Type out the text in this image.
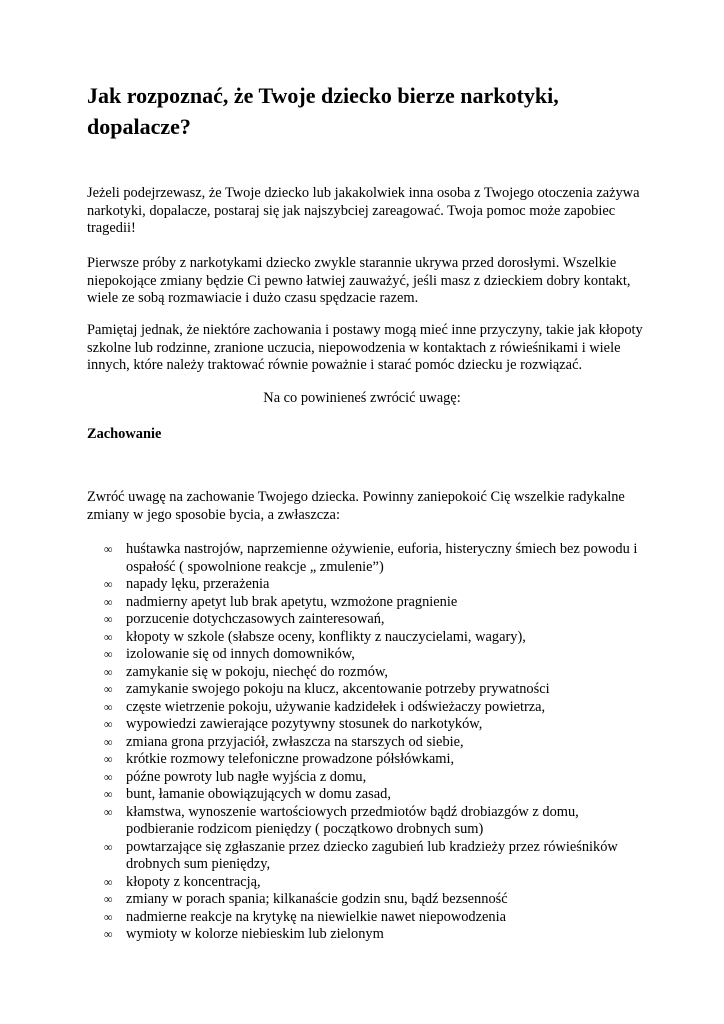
Jak rozpoznać, że Twoje dziecko bierze narkotyki, dopalacze?

Jeżeli podejrzewasz, że Twoje dziecko lub jakakolwiek inna osoba z Twojego otoczenia zażywa narkotyki, dopalacze, postaraj się jak najszybciej zareagować. Twoja pomoc może zapobiec tragedii!

Pierwsze próby z narkotykami dziecko zwykle starannie ukrywa przed dorosłymi. Wszelkie niepokojące zmiany będzie Ci pewno łatwiej zauważyć, jeśli masz z dzieckiem dobry kontakt, wiele ze sobą rozmawiacie i dużo czasu spędzacie razem.

Pamiętaj jednak, że niektóre zachowania i postawy mogą mieć inne przyczyny, takie jak kłopoty szkolne lub rodzinne, zranione uczucia, niepowodzenia w kontaktach z rówieśnikami i wiele innych, które należy traktować równie poważnie i starać pomóc dziecku je rozwiązać.

Na co powinieneś zwrócić uwagę:

Zachowanie

Zwróć uwagę na zachowanie Twojego dziecka. Powinny zaniepokoić Cię wszelkie radykalne zmiany w jego sposobie bycia, a zwłaszcza:

∞ huśtawka nastrojów, naprzemienne ożywienie, euforia, histeryczny śmiech bez powodu i ospałość ( spowolnione reakcje „ zmulenie”)
∞ napady lęku, przerażenia
∞ nadmierny apetyt lub brak apetytu, wzmożone pragnienie
∞ porzucenie dotychczasowych zainteresowań,
∞ kłopoty w szkole (słabsze oceny, konflikty z nauczycielami, wagary),
∞ izolowanie się od innych domowników,
∞ zamykanie się w pokoju, niechęć do rozmów,
∞ zamykanie swojego pokoju na klucz, akcentowanie potrzeby prywatności
∞ częste wietrzenie pokoju, używanie kadzidełek i odświeżaczy powietrza,
∞ wypowiedzi zawierające pozytywny stosunek do narkotyków,
∞ zmiana grona przyjaciół, zwłaszcza na starszych od siebie,
∞ krótkie rozmowy telefoniczne prowadzone półsłówkami,
∞ późne powroty lub nagłe wyjścia z domu,
∞ bunt, łamanie obowiązujących w domu zasad,
∞ kłamstwa, wynoszenie wartościowych przedmiotów bądź drobiazgów z domu, podbieranie rodzicom pieniędzy ( początkowo drobnych sum)
∞ powtarzające się zgłaszanie przez dziecko zagubień lub kradzieży przez rówieśników drobnych sum pieniędzy,
∞ kłopoty z koncentracją,
∞ zmiany w porach spania; kilkanaście godzin snu, bądź bezsenność
∞ nadmierne reakcje na krytykę na niewielkie nawet niepowodzenia
∞ wymioty w kolorze niebieskim lub zielonym
